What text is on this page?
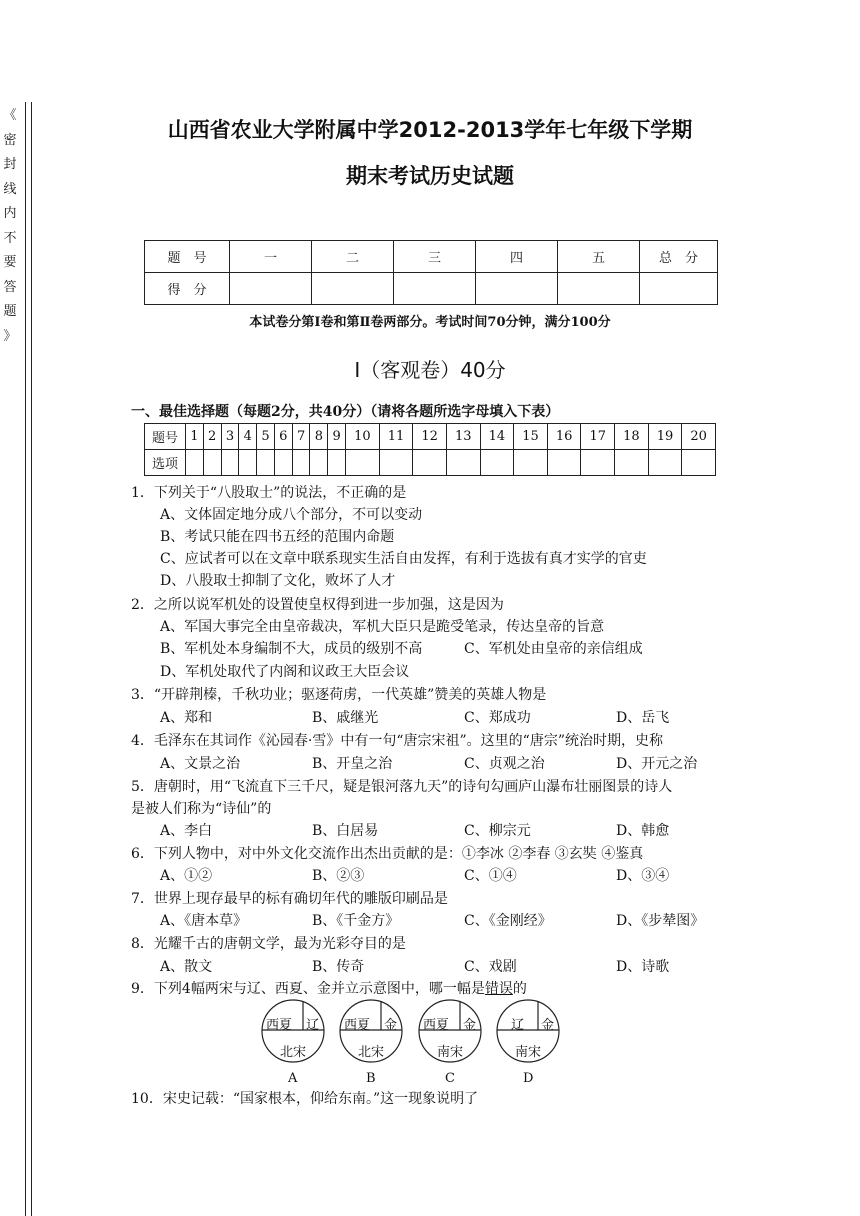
《
密
封
线
内
不
要
答
题
》
山西省农业大学附属中学2012-2013学年七年级下学期
期末考试历史试题
题　号	一	二	三	四	五	总　分
得　分						
本试卷分第Ⅰ卷和第Ⅱ卷两部分。考试时间70分钟，满分100分
Ⅰ（客观卷）40分
一、最佳选择题（每题2分，共40分）（请将各题所选字母填入下表）
题号	1	2	3	4	5	6	7	8	9	10	11	12	13	14	15	16	17	18	19	20
选项																				
1．下列关于“八股取士”的说法，不正确的是
A、文体固定地分成八个部分，不可以变动
B、考试只能在四书五经的范围内命题
C、应试者可以在文章中联系现实生活自由发挥，有利于选拔有真才实学的官吏
D、八股取士抑制了文化，败坏了人才
2．之所以说军机处的设置使皇权得到进一步加强，这是因为
A、军国大事完全由皇帝裁决，军机大臣只是跪受笔录，传达皇帝的旨意
B、军机处本身编制不大，成员的级别不高	C、军机处由皇帝的亲信组成
D、军机处取代了内阁和议政王大臣会议
3．“开辟荆榛，千秋功业；驱逐荷虏，一代英雄”赞美的英雄人物是
A、郑和	B、戚继光	C、郑成功	D、岳飞
4．毛泽东在其词作《沁园春·雪》中有一句“唐宗宋祖”。这里的“唐宗”统治时期，史称
A、文景之治	B、开皇之治	C、贞观之治	D、开元之治
5．唐朝时，用“飞流直下三千尺，疑是银河落九天”的诗句勾画庐山瀑布壮丽图景的诗人
是被人们称为“诗仙”的
A、李白	B、白居易	C、柳宗元	D、韩愈
6．下列人物中，对中外文化交流作出杰出贡献的是：①李冰 ②李春 ③玄奘 ④鉴真
A、①②	B、②③	C、①④	D、③④
7．世界上现存最早的标有确切年代的雕版印刷品是
A、《唐本草》	B、《千金方》	C、《金刚经》	D、《步辇图》
8．光耀千古的唐朝文学，最为光彩夺目的是
A、散文	B、传奇	C、戏剧	D、诗歌
9．下列4幅两宋与辽、西夏、金并立示意图中，哪一幅是错误的
西夏 辽
北宋
A
西夏 金
北宋
B
西夏 金
南宋
C
辽 金
南宋
D
10．宋史记载：“国家根本，仰给东南。”这一现象说明了
